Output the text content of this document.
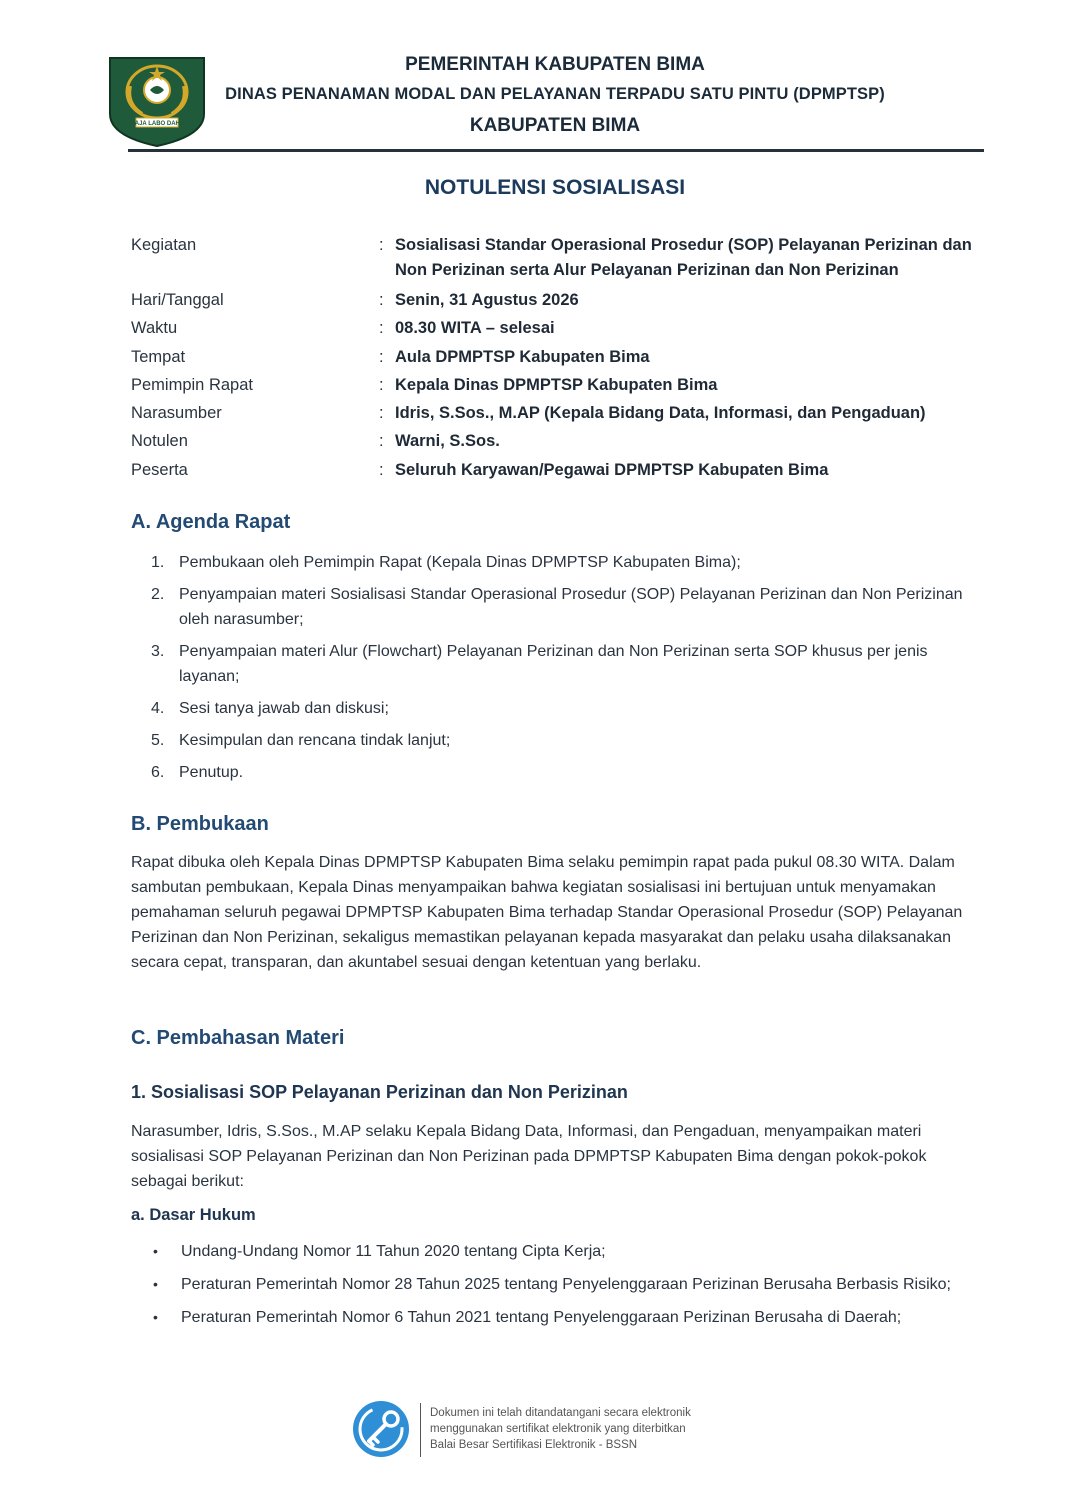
MAJA LABO DAHU
PEMERINTAH KABUPATEN BIMA
DINAS PENANAMAN MODAL DAN PELAYANAN TERPADU SATU PINTU (DPMPTSP)
KABUPATEN BIMA
NOTULENSI SOSIALISASI
Kegiatan	: Sosialisasi Standar Operasional Prosedur (SOP) Pelayanan Perizinan dan Non Perizinan serta Alur Pelayanan Perizinan dan Non Perizinan
Hari/Tanggal	: Senin, 31 Agustus 2026
Waktu	: 08.30 WITA – selesai
Tempat	: Aula DPMPTSP Kabupaten Bima
Pemimpin Rapat	: Kepala Dinas DPMPTSP Kabupaten Bima
Narasumber	: Idris, S.Sos., M.AP (Kepala Bidang Data, Informasi, dan Pengaduan)
Notulen	: Warni, S.Sos.
Peserta	: Seluruh Karyawan/Pegawai DPMPTSP Kabupaten Bima
A. Agenda Rapat
1. Pembukaan oleh Pemimpin Rapat (Kepala Dinas DPMPTSP Kabupaten Bima);
2. Penyampaian materi Sosialisasi Standar Operasional Prosedur (SOP) Pelayanan Perizinan dan Non Perizinan oleh narasumber;
3. Penyampaian materi Alur (Flowchart) Pelayanan Perizinan dan Non Perizinan serta SOP khusus per jenis layanan;
4. Sesi tanya jawab dan diskusi;
5. Kesimpulan dan rencana tindak lanjut;
6. Penutup.
B. Pembukaan

Rapat dibuka oleh Kepala Dinas DPMPTSP Kabupaten Bima selaku pemimpin rapat pada pukul 08.30 WITA. Dalam sambutan pembukaan, Kepala Dinas menyampaikan bahwa kegiatan sosialisasi ini bertujuan untuk menyamakan pemahaman seluruh pegawai DPMPTSP Kabupaten Bima terhadap Standar Operasional Prosedur (SOP) Pelayanan Perizinan dan Non Perizinan, sekaligus memastikan pelayanan kepada masyarakat dan pelaku usaha dilaksanakan secara cepat, transparan, dan akuntabel sesuai dengan ketentuan yang berlaku.

C. Pembahasan Materi
1. Sosialisasi SOP Pelayanan Perizinan dan Non Perizinan

Narasumber, Idris, S.Sos., M.AP selaku Kepala Bidang Data, Informasi, dan Pengaduan, menyampaikan materi sosialisasi SOP Pelayanan Perizinan dan Non Perizinan pada DPMPTSP Kabupaten Bima dengan pokok-pokok sebagai berikut:

a. Dasar Hukum
•	Undang-Undang Nomor 11 Tahun 2020 tentang Cipta Kerja;
•	Peraturan Pemerintah Nomor 28 Tahun 2025 tentang Penyelenggaraan Perizinan Berusaha Berbasis Risiko;
•	Peraturan Pemerintah Nomor 6 Tahun 2021 tentang Penyelenggaraan Perizinan Berusaha di Daerah;
Dokumen ini telah ditandatangani secara elektronik
menggunakan sertifikat elektronik yang diterbitkan
Balai Besar Sertifikasi Elektronik - BSSN
